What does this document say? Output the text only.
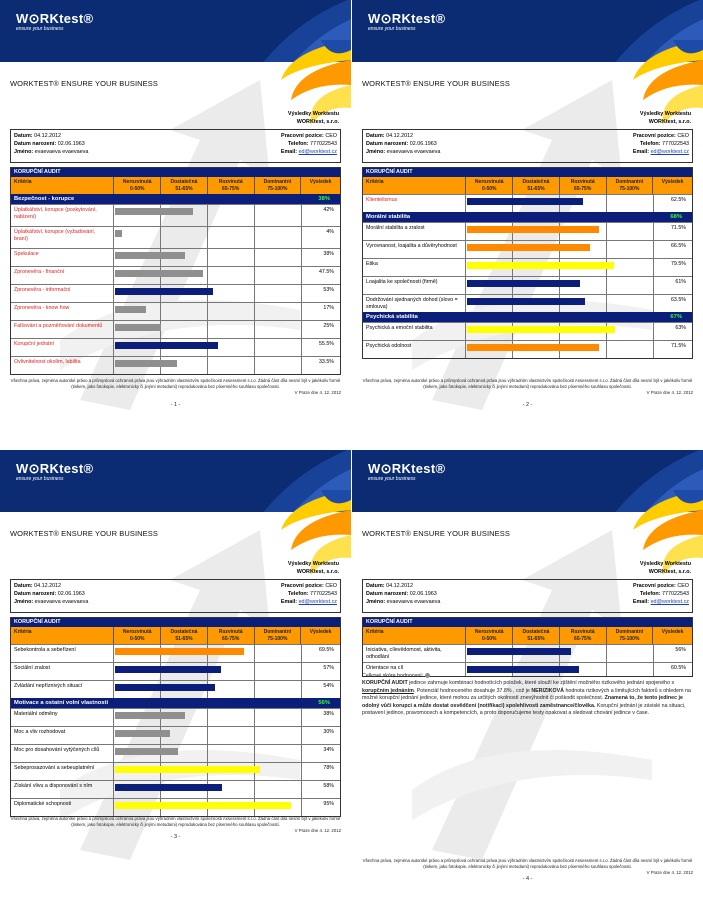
W⊙RKtest®
ensure your business
WORKTEST® ENSURE YOUR BUSINESS
Výsledky Worktestu
WORKtest, s.r.o.
Datum: 04.12.2012
Datum narození: 02.06.1963
Jméno: evaevaeva evaevaeva
Pracovní pozice: CEO
Telefon: 777022543
Email: ed@worktest.cz
KORUPČNÍ AUDIT
Kritéria	Nerozvinutá
0-50%
Dostatečná
51-65%
Rozvinutá
65-75%
Dominantní
75-100%
Výsledek
Bezpečnost - korupce	38%
Úplatkářství, korupce (poskytování, nabízení)
42%
Úplatkářství, korupce (vyžadování, braní)
4%
Spekulace	38%
Zpronevěra - finanční	47.5%
Zpronevěra - informační	53%
Zpronevěra - know how	17%
Falšování a pozměňování dokumentů	25%
Korupční jednání	55.5%
Ovlivnitelnost okolím, labilita	33.5%
Všechna práva, zejména autorské právo a průmyslová ochranná práva jsou výhradním vlastnictvím společnosti Assessment s.r.o. Žádná část díla nesmí být v jakékoliv formě (tiskem, jako fotokopie, elektronicky či jinými metodami) reprodukována bez písemného souhlasu společnosti.
V Praze dne 4. 12. 2012
- 1 -
W⊙RKtest®
ensure your business
WORKTEST® ENSURE YOUR BUSINESS
Výsledky Worktestu
WORKtest, s.r.o.
Datum: 04.12.2012
Datum narození: 02.06.1963
Jméno: evaevaeva evaevaeva
Pracovní pozice: CEO
Telefon: 777022543
Email: ed@worktest.cz
KORUPČNÍ AUDIT
Kritéria	Nerozvinutá
0-50%
Dostatečná
51-65%
Rozvinutá
65-75%
Dominantní
75-100%
Výsledek
Klientelismus	62.5%
Morální stabilita	68%
Morální stabilita a zralost	71.5%
Vyrovnanost, loajalita a důvěryhodnost	66.5%
Etika	79.5%
Loajalita ke společnosti (firmě)	61%
Dodržování sjednaných dohod (slovo = smlouva)
63.5%
Psychická stabilita	67%
Psychická a emoční stabilita	63%
Psychická odolnost	71.5%
Všechna práva, zejména autorské právo a průmyslová ochranná práva jsou výhradním vlastnictvím společnosti Assessment s.r.o. Žádná část díla nesmí být v jakékoliv formě (tiskem, jako fotokopie, elektronicky či jinými metodami) reprodukována bez písemného souhlasu společnosti.
V Praze dne 4. 12. 2012
- 2 -
W⊙RKtest®
ensure your business
WORKTEST® ENSURE YOUR BUSINESS
Výsledky Worktestu
WORKtest, s.r.o.
Datum: 04.12.2012
Datum narození: 02.06.1963
Jméno: evaevaeva evaevaeva
Pracovní pozice: CEO
Telefon: 777022543
Email: ed@worktest.cz
KORUPČNÍ AUDIT
Kritéria	Nerozvinutá
0-50%
Dostatečná
51-65%
Rozvinutá
65-75%
Dominantní
75-100%
Výsledek
Sebekontrola a sebeřízení	69.5%
Sociální zralost	57%
Zvládání nepříznivých situací	54%
Motivace a ostatní volní vlastnosti	56%
Materiální odměny	38%
Moc a vliv rozhodovat	30%
Moc pro dosahování vytýčených cílů	34%
Sebeprosazování a sebeuplatnění	78%
Získání vlivu a disponování s ním	58%
Diplomatické schopnosti	95%
Všechna práva, zejména autorské právo a průmyslová ochranná práva jsou výhradním vlastnictvím společnosti Assessment s.r.o. Žádná část díla nesmí být v jakékoliv formě (tiskem, jako fotokopie, elektronicky či jinými metodami) reprodukována bez písemného souhlasu společnosti.
V Praze dne 4. 12. 2012
- 3 -
W⊙RKtest®
ensure your business
WORKTEST® ENSURE YOUR BUSINESS
Výsledky Worktestu
WORKtest, s.r.o.
Datum: 04.12.2012
Datum narození: 02.06.1963
Jméno: evaevaeva evaevaeva
Pracovní pozice: CEO
Telefon: 777022543
Email: ed@worktest.cz
KORUPČNÍ AUDIT
Kritéria	Nerozvinutá
0-50%
Dostatečná
51-65%
Rozvinutá
65-75%
Dominantní
75-100%
Výsledek
Iniciativa, cílevědomost, aktivita, odhodlání
56%
Orientace na cíl	60.5%
Všechna práva, zejména autorské právo a průmyslová ochranná práva jsou výhradním vlastnictvím společnosti Assessment s.r.o. Žádná část díla nesmí být v jakékoliv formě (tiskem, jako fotokopie, elektronicky či jinými metodami) reprodukována bez písemného souhlasu společnosti.
V Praze dne 4. 12. 2012
- 4 -
Celkové skóre hodnocení:
KORUPČNÍ AUDIT jedince zahrnuje kombinaci hodnotících položek, které slouží ke zjištění možného rizikového jednání spojeného s korupčním jednáním. Potenciál hodnoceného dosahuje 37.8% , což je NERIZIKOVÁ hodnota rizikových a limitujících faktorů s ohledem na možné korupční jednání jedince, které mohou za určitých okolností znevýhodnit či poškodit společnost. Znamená to, že tento jedinec je odolný vůči korupci a může dostat osvědčení (notifikaci) spolehlivosti zaměstnance/člověka. Korupční jednání je závislé na situaci, postavení jedince, pravomocech a kompetencích, a proto doporučujeme testy opakovat a sledovat chování jedince v čase.
